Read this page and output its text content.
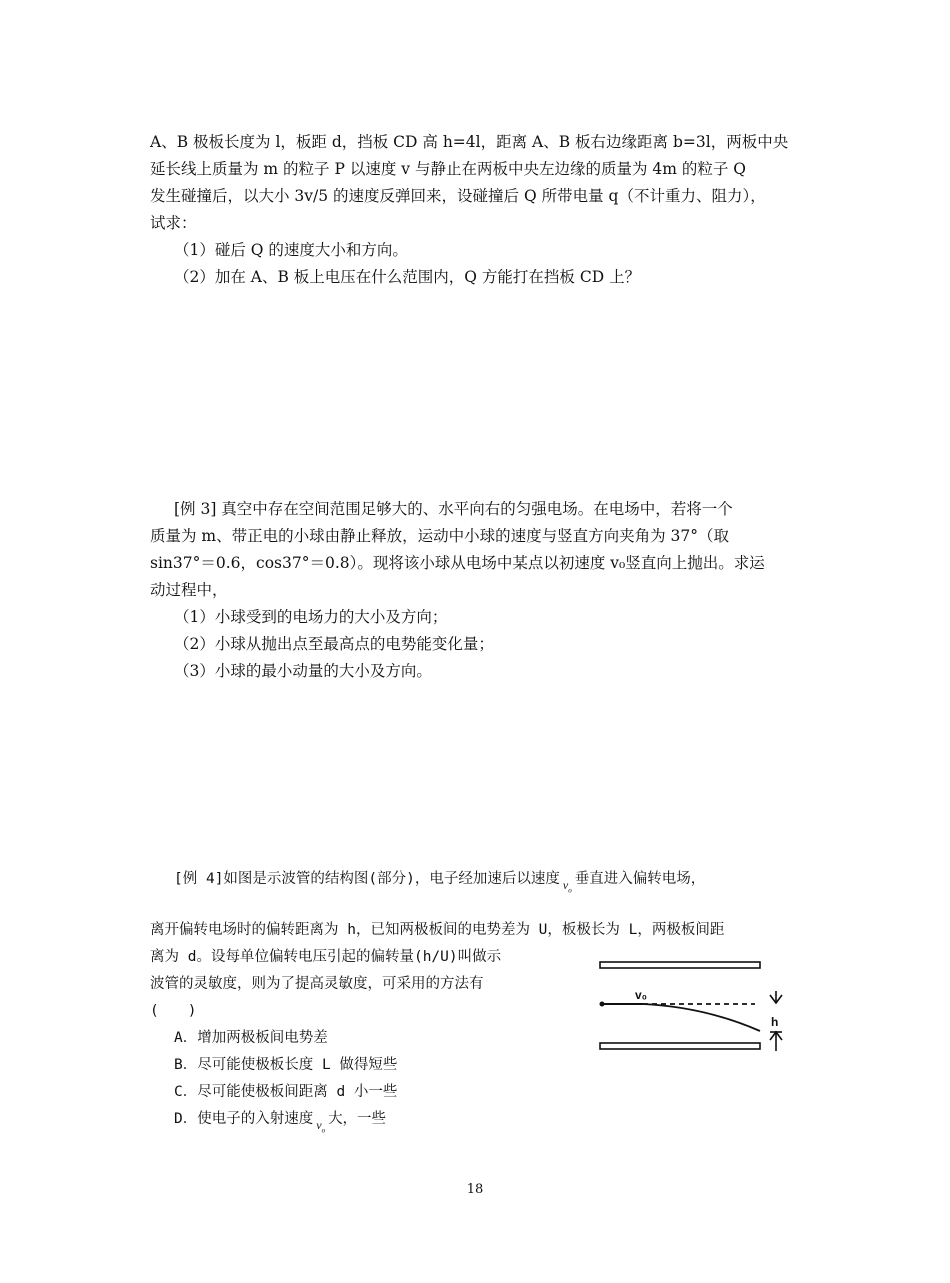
A、B 极板长度为 l，板距 d，挡板 CD 高 h=4l，距离 A、B 板右边缘距离 b=3l，两板中央
延长线上质量为 m 的粒子 P 以速度 v 与静止在两板中央左边缘的质量为 4m 的粒子 Q
发生碰撞后，以大小 3v/5 的速度反弹回来，设碰撞后 Q 所带电量 q（不计重力、阻力），
试求：
（1）碰后 Q 的速度大小和方向。
（2）加在 A、B 板上电压在什么范围内，Q 方能打在挡板 CD 上？
[例 3] 真空中存在空间范围足够大的、水平向右的匀强电场。在电场中，若将一个
质量为 m、带正电的小球由静止释放，运动中小球的速度与竖直方向夹角为 37°（取
sin37°＝0.6，cos37°＝0.8）。现将该小球从电场中某点以初速度 v₀竖直向上抛出。求运
动过程中，
（1）小球受到的电场力的大小及方向；
（2）小球从抛出点至最高点的电势能变化量；
（3）小球的最小动量的大小及方向。
[例 4]如图是示波管的结构图(部分)，电子经加速后以速度 $v_o$垂直进入偏转电场，
离开偏转电场时的偏转距离为 h，已知两极板间的电势差为 U，板极长为 L，两极板间距
离为 d。设每单位偏转电压引起的偏转量(h/U)叫做示
波管的灵敏度，则为了提高灵敏度，可采用的方法有
(　　)
A．增加两极板间电势差
B．尽可能使极板长度 L 做得短些
C．尽可能使极板间距离 d 小一些
D．使电子的入射速度 $v_o$大，一些
v₀
h
18
